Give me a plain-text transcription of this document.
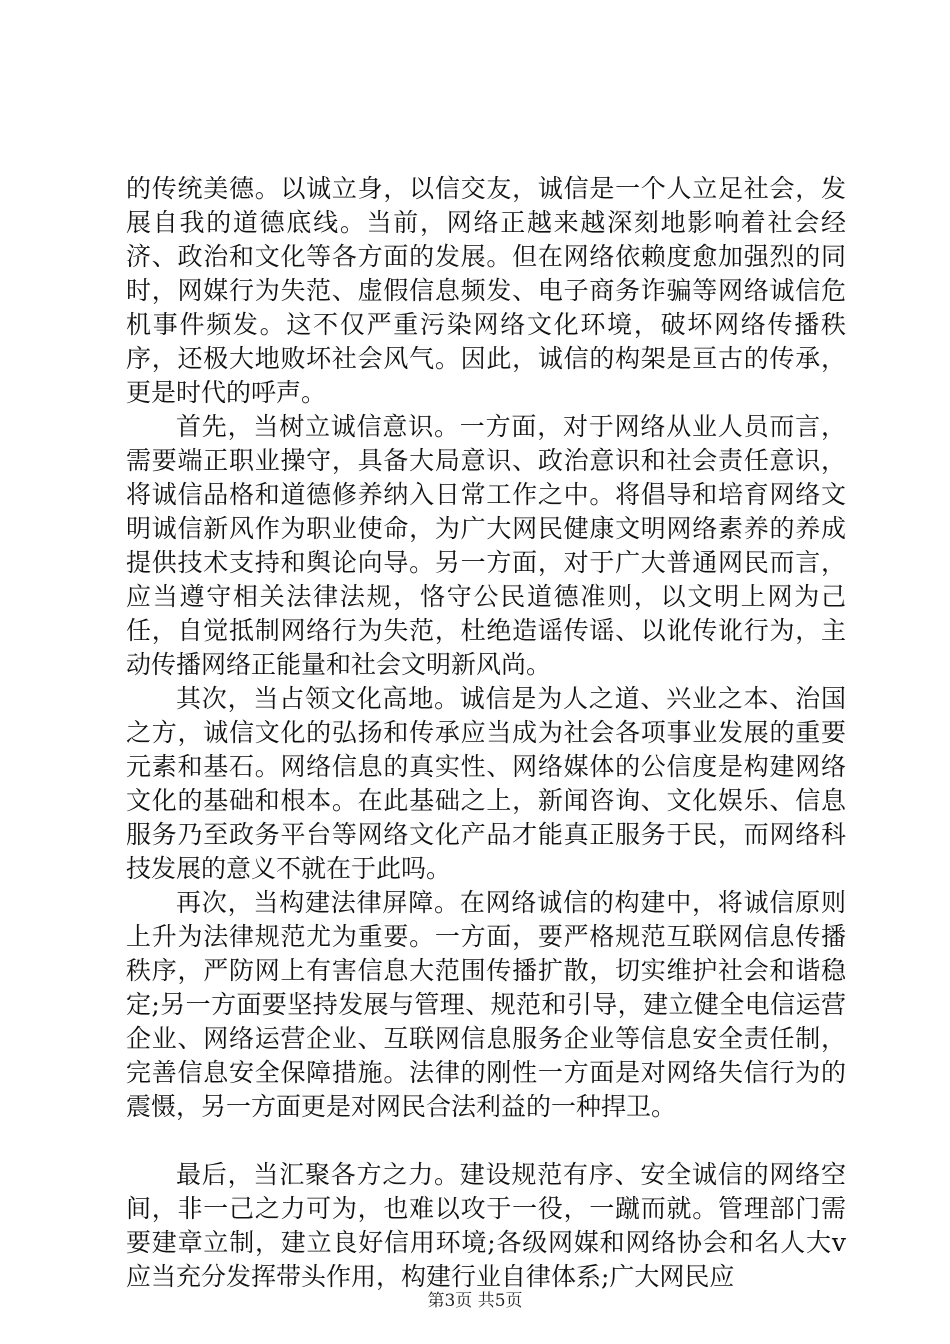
的传统美德。以诚立身，以信交友，诚信是一个人立足社会，发展自我的道德底线。当前，网络正越来越深刻地影响着社会经济、政治和文化等各方面的发展。但在网络依赖度愈加强烈的同时，网媒行为失范、虚假信息频发、电子商务诈骗等网络诚信危机事件频发。这不仅严重污染网络文化环境，破坏网络传播秩序，还极大地败坏社会风气。因此，诚信的构架是亘古的传承，更是时代的呼声。

首先，当树立诚信意识。一方面，对于网络从业人员而言，需要端正职业操守，具备大局意识、政治意识和社会责任意识，将诚信品格和道德修养纳入日常工作之中。将倡导和培育网络文明诚信新风作为职业使命，为广大网民健康文明网络素养的养成提供技术支持和舆论向导。另一方面，对于广大普通网民而言，应当遵守相关法律法规，恪守公民道德准则，以文明上网为己任，自觉抵制网络行为失范，杜绝造谣传谣、以讹传讹行为，主动传播网络正能量和社会文明新风尚。

其次，当占领文化高地。诚信是为人之道、兴业之本、治国之方，诚信文化的弘扬和传承应当成为社会各项事业发展的重要元素和基石。网络信息的真实性、网络媒体的公信度是构建网络文化的基础和根本。在此基础之上，新闻咨询、文化娱乐、信息服务乃至政务平台等网络文化产品才能真正服务于民，而网络科技发展的意义不就在于此吗。

再次，当构建法律屏障。在网络诚信的构建中，将诚信原则上升为法律规范尤为重要。一方面，要严格规范互联网信息传播秩序，严防网上有害信息大范围传播扩散，切实维护社会和谐稳定;另一方面要坚持发展与管理、规范和引导，建立健全电信运营企业、网络运营企业、互联网信息服务企业等信息安全责任制，完善信息安全保障措施。法律的刚性一方面是对网络失信行为的震慑，另一方面更是对网民合法利益的一种捍卫。

最后，当汇聚各方之力。建设规范有序、安全诚信的网络空间，非一己之力可为，也难以攻于一役，一蹴而就。管理部门需要建章立制，建立良好信用环境;各级网媒和网络协会和名人大v应当充分发挥带头作用，构建行业自律体系;广大网民应

第3页 共5页
